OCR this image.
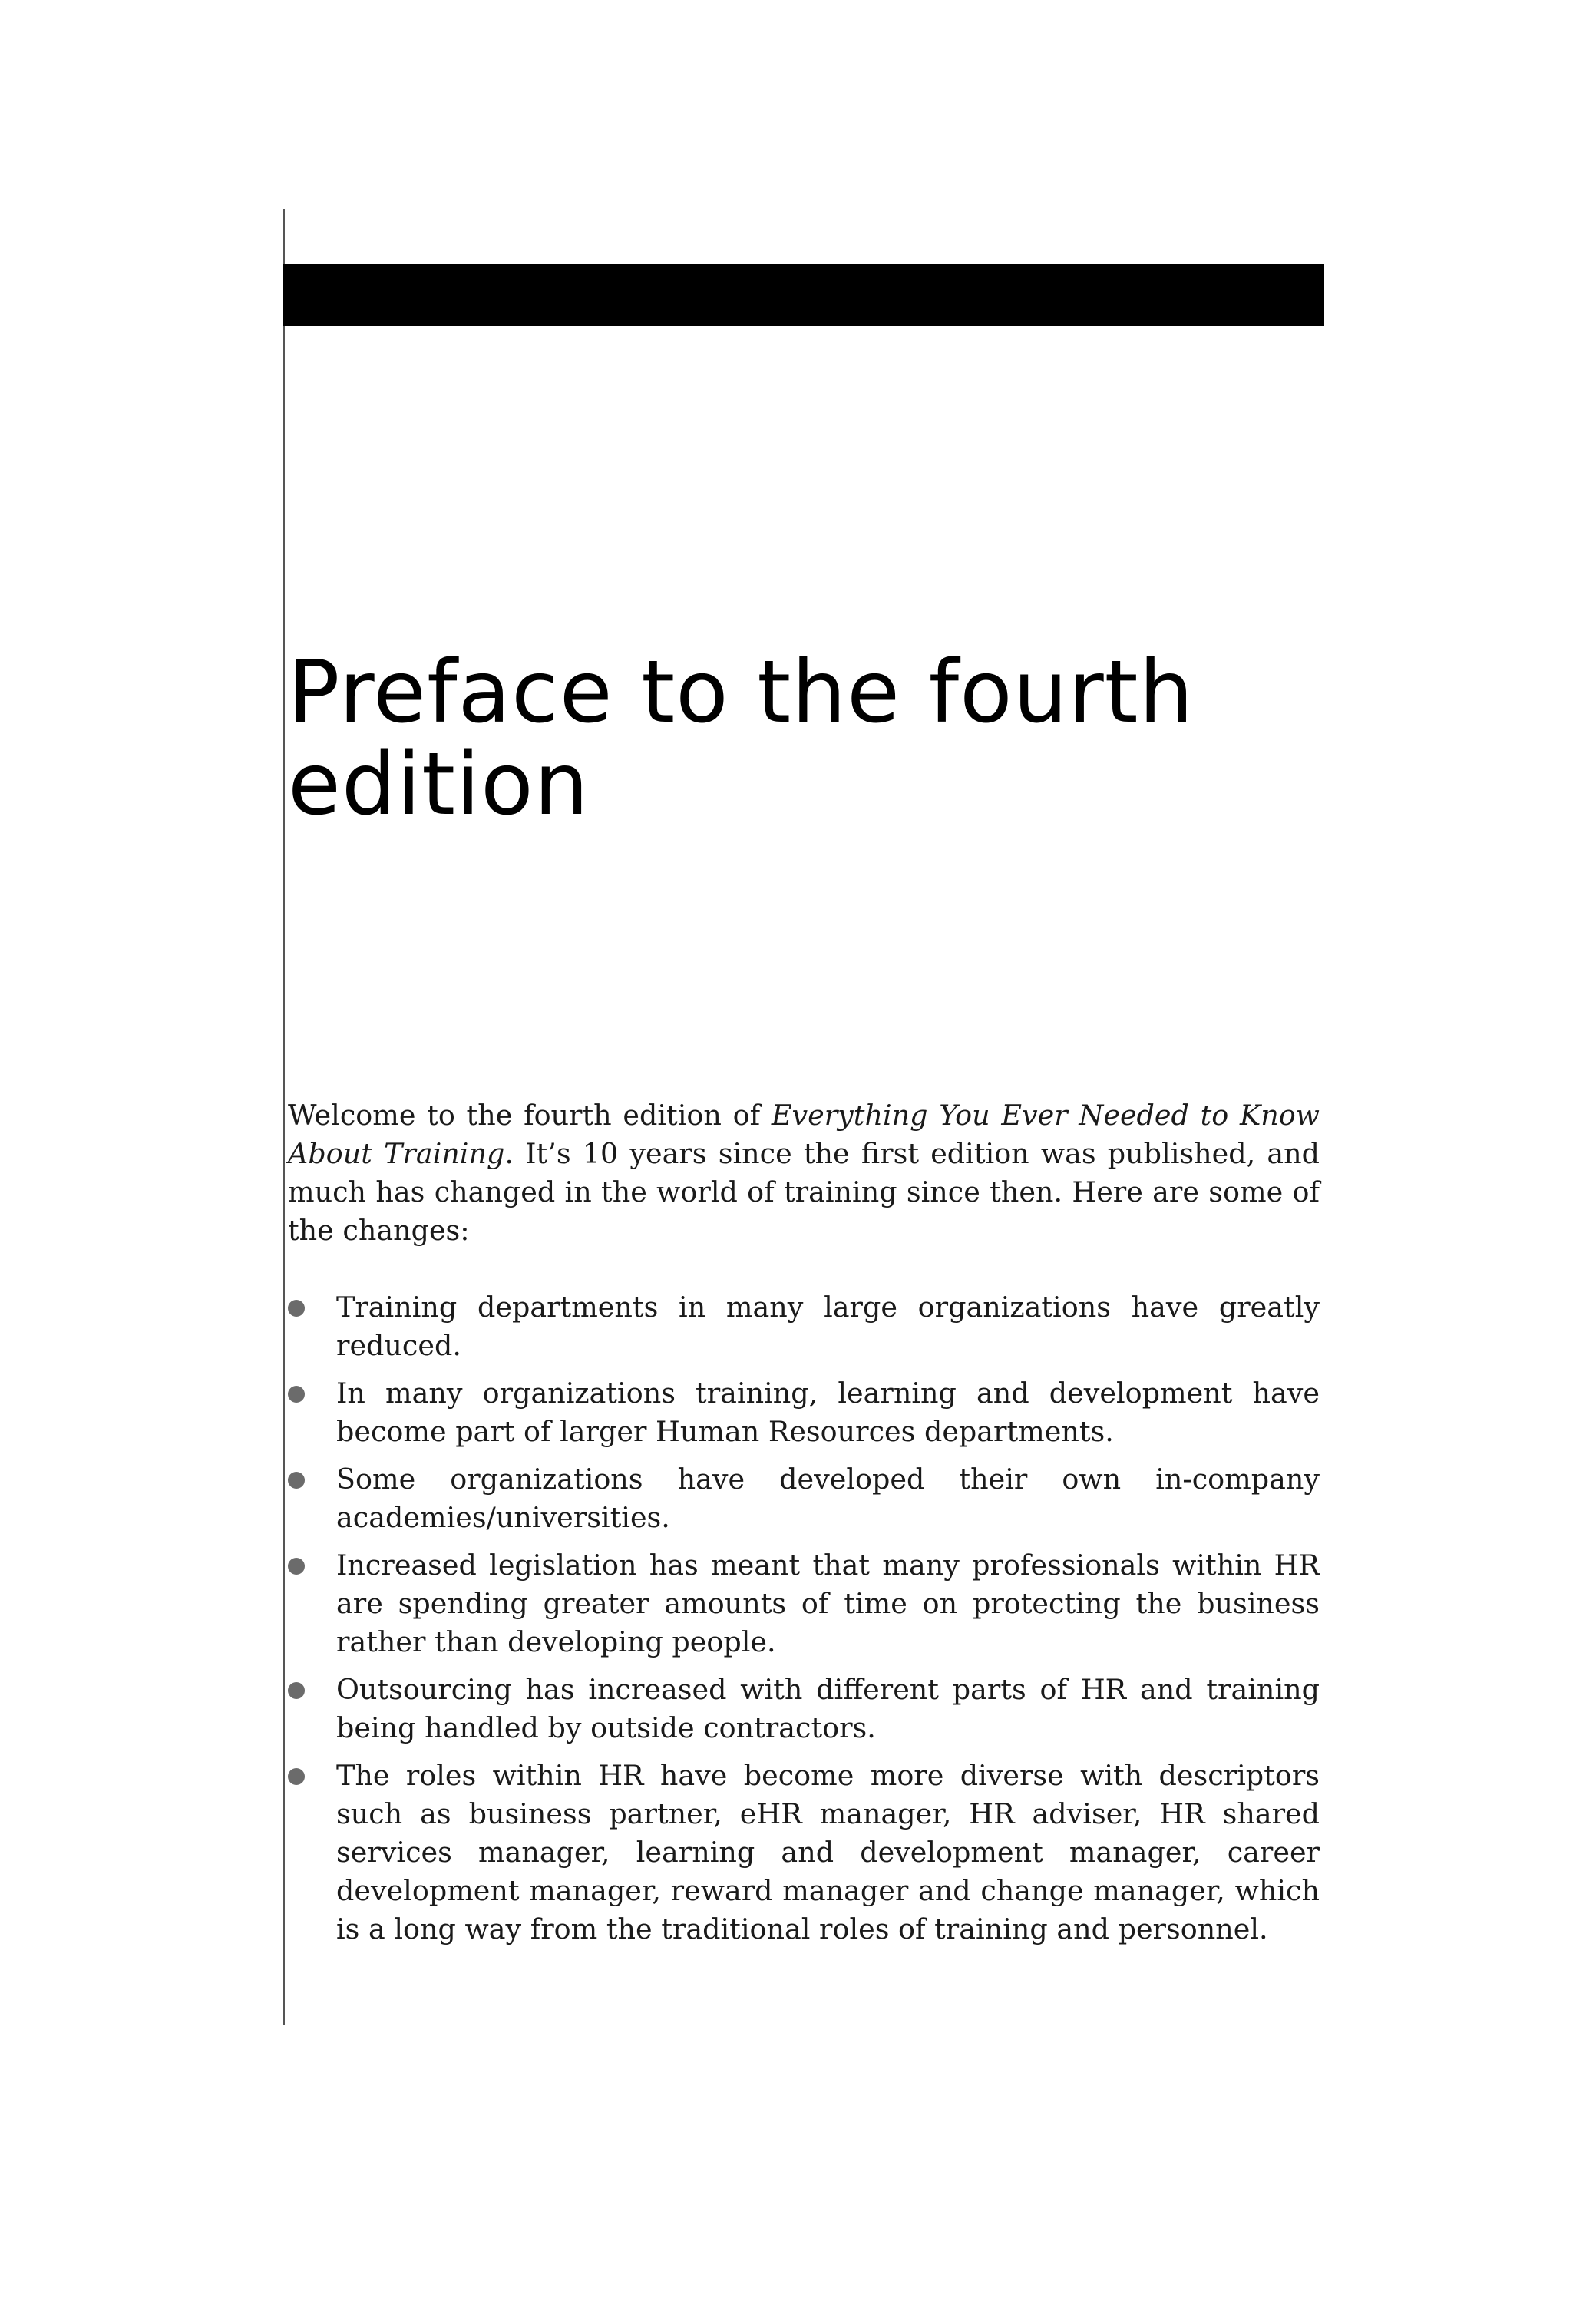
Preface to the fourth
edition

Welcome to the fourth edition of Everything You Ever Needed to Know About Training. It’s 10 years since the first edition was published, and much has changed in the world of training since then. Here are some of the changes:

Training departments in many large organizations have greatly reduced.
In many organizations training, learning and development have become part of larger Human Resources departments.
Some organizations have developed their own in-company academies/universities.
Increased legislation has meant that many professionals within HR are spending greater amounts of time on protecting the business rather than developing people.
Outsourcing has increased with different parts of HR and training being handled by outside contractors.
The roles within HR have become more diverse with descriptors such as business partner, eHR manager, HR adviser, HR shared services manager, learning and development manager, career development manager, reward manager and change manager, which is a long way from the traditional roles of training and personnel.
